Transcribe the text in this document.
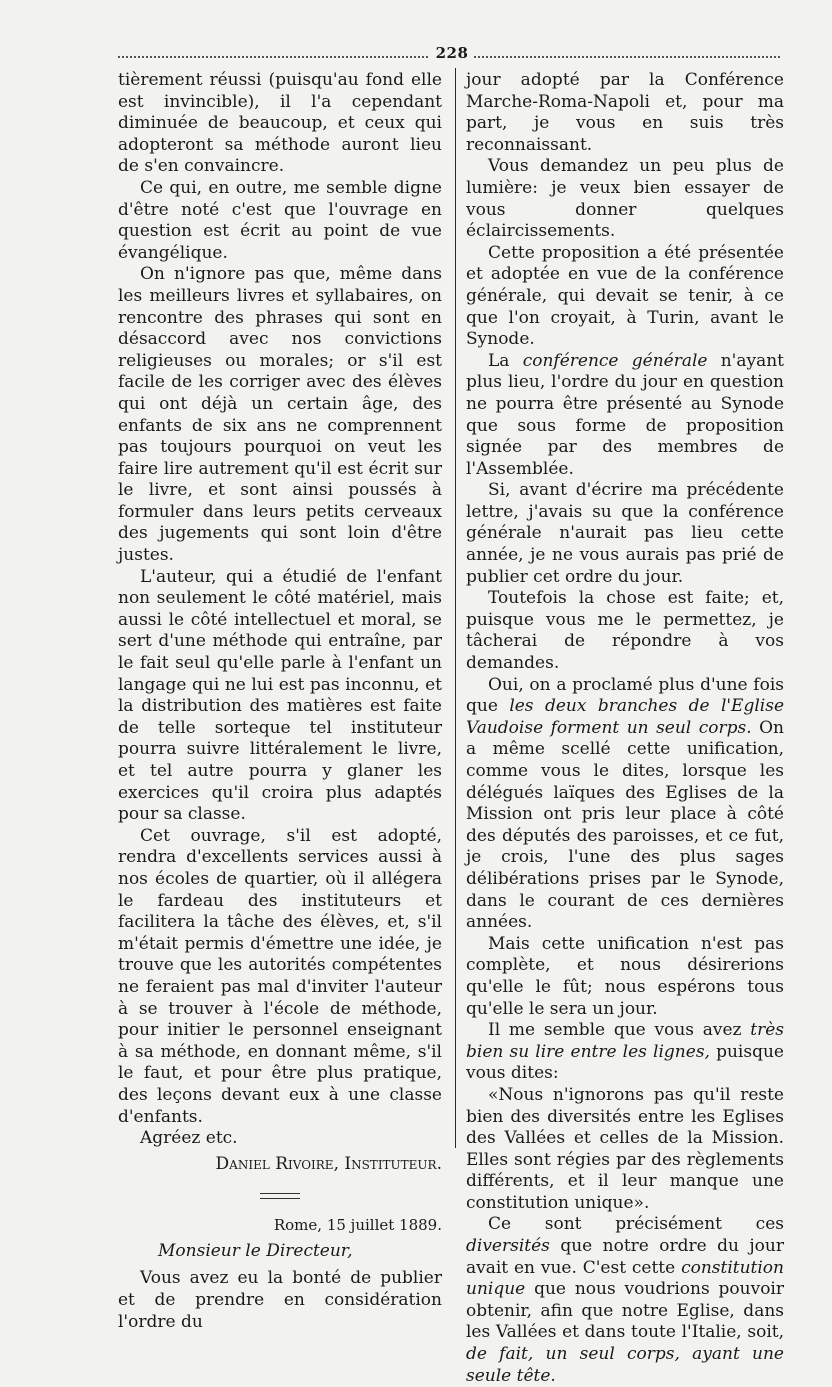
228

tièrement réussi (puisqu'au fond elle est invincible), il l'a cependant diminuée de beaucoup, et ceux qui adopteront sa méthode auront lieu de s'en convaincre.

Ce qui, en outre, me semble digne d'être noté c'est que l'ouvrage en question est écrit au point de vue évangélique.

On n'ignore pas que, même dans les meilleurs livres et syllabaires, on rencontre des phrases qui sont en désaccord avec nos convictions religieuses ou morales; or s'il est facile de les corriger avec des élèves qui ont déjà un certain âge, des enfants de six ans ne comprennent pas toujours pourquoi on veut les faire lire autrement qu'il est écrit sur le livre, et sont ainsi poussés à formuler dans leurs petits cerveaux des jugements qui sont loin d'être justes.

L'auteur, qui a étudié de l'enfant non seulement le côté matériel, mais aussi le côté intellectuel et moral, se sert d'une méthode qui entraîne, par le fait seul qu'elle parle à l'enfant un langage qui ne lui est pas inconnu, et la distribution des matières est faite de telle sorteque tel instituteur pourra suivre littéralement le livre, et tel autre pourra y glaner les exercices qu'il croira plus adaptés pour sa classe.

Cet ouvrage, s'il est adopté, rendra d'excellents services aussi à nos écoles de quartier, où il allégera le fardeau des instituteurs et facilitera la tâche des élèves, et, s'il m'était permis d'émettre une idée, je trouve que les autorités compétentes ne feraient pas mal d'inviter l'auteur à se trouver à l'école de méthode, pour initier le personnel enseignant à sa méthode, en donnant même, s'il le faut, et pour être plus pratique, des leçons devant eux à une classe d'enfants.

Agréez etc.

Daniel Rivoire, Instituteur.

Rome, 15 juillet 1889.

Monsieur le Directeur,

Vous avez eu la bonté de publier et de prendre en considération l'ordre du

jour adopté par la Conférence Marche-Roma-Napoli et, pour ma part, je vous en suis très reconnaissant.

Vous demandez un peu plus de lumière: je veux bien essayer de vous donner quelques éclaircissements.

Cette proposition a été présentée et adoptée en vue de la conférence générale, qui devait se tenir, à ce que l'on croyait, à Turin, avant le Synode.

La conférence générale n'ayant plus lieu, l'ordre du jour en question ne pourra être présenté au Synode que sous forme de proposition signée par des membres de l'Assemblée.

Si, avant d'écrire ma précédente lettre, j'avais su que la conférence générale n'aurait pas lieu cette année, je ne vous aurais pas prié de publier cet ordre du jour.

Toutefois la chose est faite; et, puisque vous me le permettez, je tâcherai de répondre à vos demandes.

Oui, on a proclamé plus d'une fois que les deux branches de l'Eglise Vaudoise forment un seul corps. On a même scellé cette unification, comme vous le dites, lorsque les délégués laïques des Eglises de la Mission ont pris leur place à côté des députés des paroisses, et ce fut, je crois, l'une des plus sages délibérations prises par le Synode, dans le courant de ces dernières années.

Mais cette unification n'est pas complète, et nous désirerions qu'elle le fût; nous espérons tous qu'elle le sera un jour.

Il me semble que vous avez très bien su lire entre les lignes, puisque vous dites:

«Nous n'ignorons pas qu'il reste bien des diversités entre les Eglises des Vallées et celles de la Mission. Elles sont régies par des règlements différents, et il leur manque une constitution unique».

Ce sont précisément ces diversités que notre ordre du jour avait en vue. C'est cette constitution unique que nous voudrions pouvoir obtenir, afin que notre Eglise, dans les Vallées et dans toute l'Italie, soit, de fait, un seul corps, ayant une seule tête.
